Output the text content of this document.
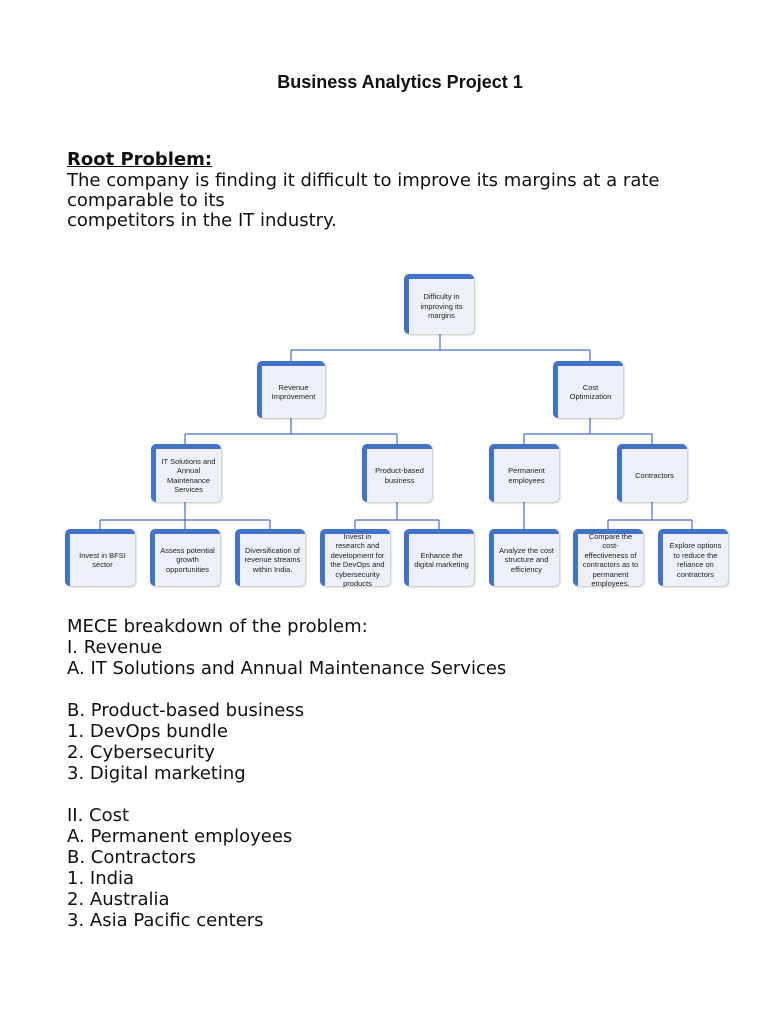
Business Analytics Project 1
Root Problem:
The company is finding it difficult to improve its margins at a rate
comparable to its
competitors in the IT industry.
Difficulty in improving its margins
Revenue Improvement
Cost Optimization
IT Solutions and Annual Maintenance Services
Product-based business
Permanent employees
Contractors
Invest in BFSI sector
Assess potential growth opportunities
Diversification of revenue streams within India.
Invest in research and development for the DevOps and cybersecurity products
Enhance the digital marketing
Analyze the cost structure and efficiency
Compare the cost-effectiveness of contractors as to permanent employees.
Explore options to reduce the reliance on contractors
MECE breakdown of the problem:
I. Revenue
A. IT Solutions and Annual Maintenance Services
B. Product-based business
1. DevOps bundle
2. Cybersecurity
3. Digital marketing
II. Cost
A. Permanent employees
B. Contractors
1. India
2. Australia
3. Asia Pacific centers
